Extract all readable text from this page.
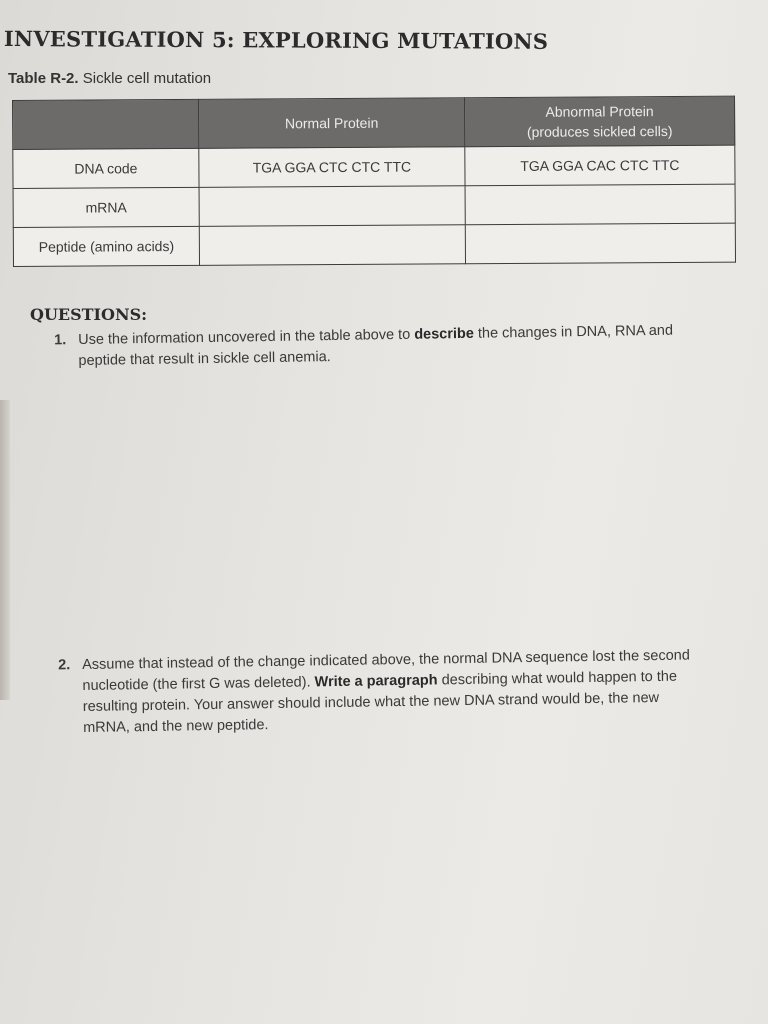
INVESTIGATION 5: EXPLORING MUTATIONS
Table R-2. Sickle cell mutation
	Normal Protein	Abnormal Protein
(produces sickled cells)
DNA code	TGA GGA CTC CTC TTC	TGA GGA CAC CTC TTC
mRNA		
Peptide (amino acids)		
QUESTIONS:
1. Use the information uncovered in the table above to describe the changes in DNA, RNA and peptide that result in sickle cell anemia.
2. Assume that instead of the change indicated above, the normal DNA sequence lost the second nucleotide (the first G was deleted). Write a paragraph describing what would happen to the resulting protein. Your answer should include what the new DNA strand would be, the new mRNA, and the new peptide.
